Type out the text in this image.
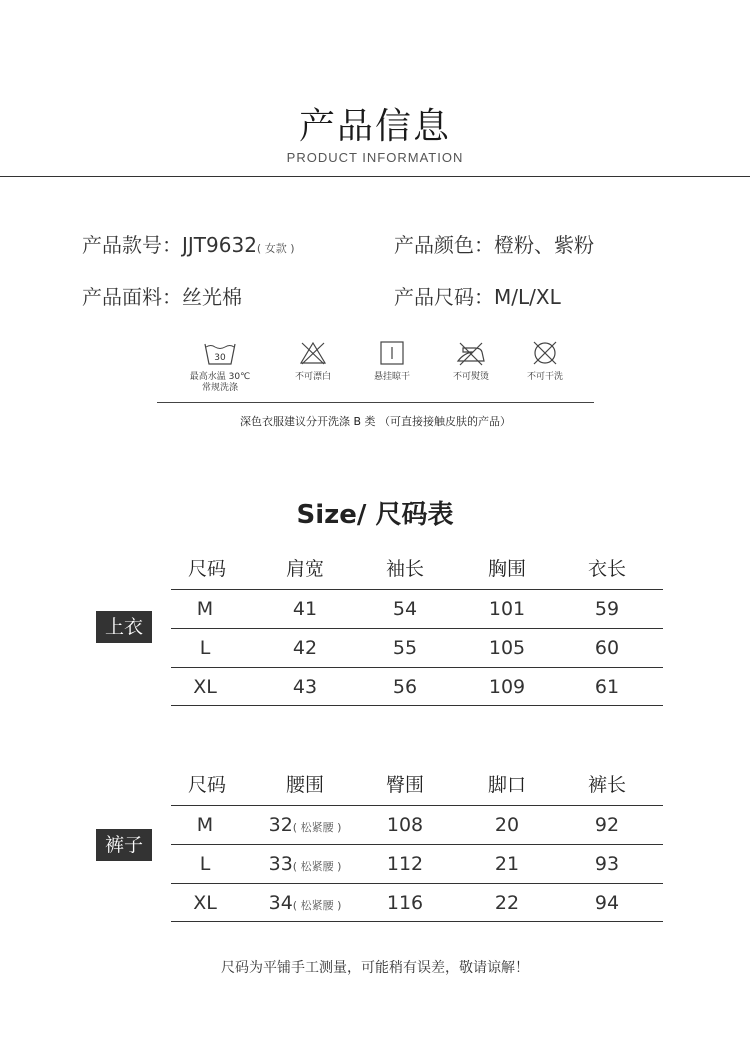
产品信息
PRODUCT INFORMATION
产品款号：JJT9632( 女款 )	产品颜色：橙粉、紫粉
产品面料：丝光棉	产品尺码：M/L/XL
30
最高水温 30℃
常规洗涤
不可漂白	悬挂晾干	不可熨烫	不可干洗
深色衣服建议分开洗涤 B 类 （可直接接触皮肤的产品）
Size/ 尺码表
上衣
尺码	肩宽	袖长	胸围	衣长
M	41	54	101	59
L	42	55	105	60
XL	43	56	109	61
裤子
尺码	腰围	臀围	脚口	裤长
M	32( 松紧腰 )	108	20	92
L	33( 松紧腰 )	112	21	93
XL	34( 松紧腰 )	116	22	94
尺码为平铺手工测量，可能稍有误差，敬请谅解！
